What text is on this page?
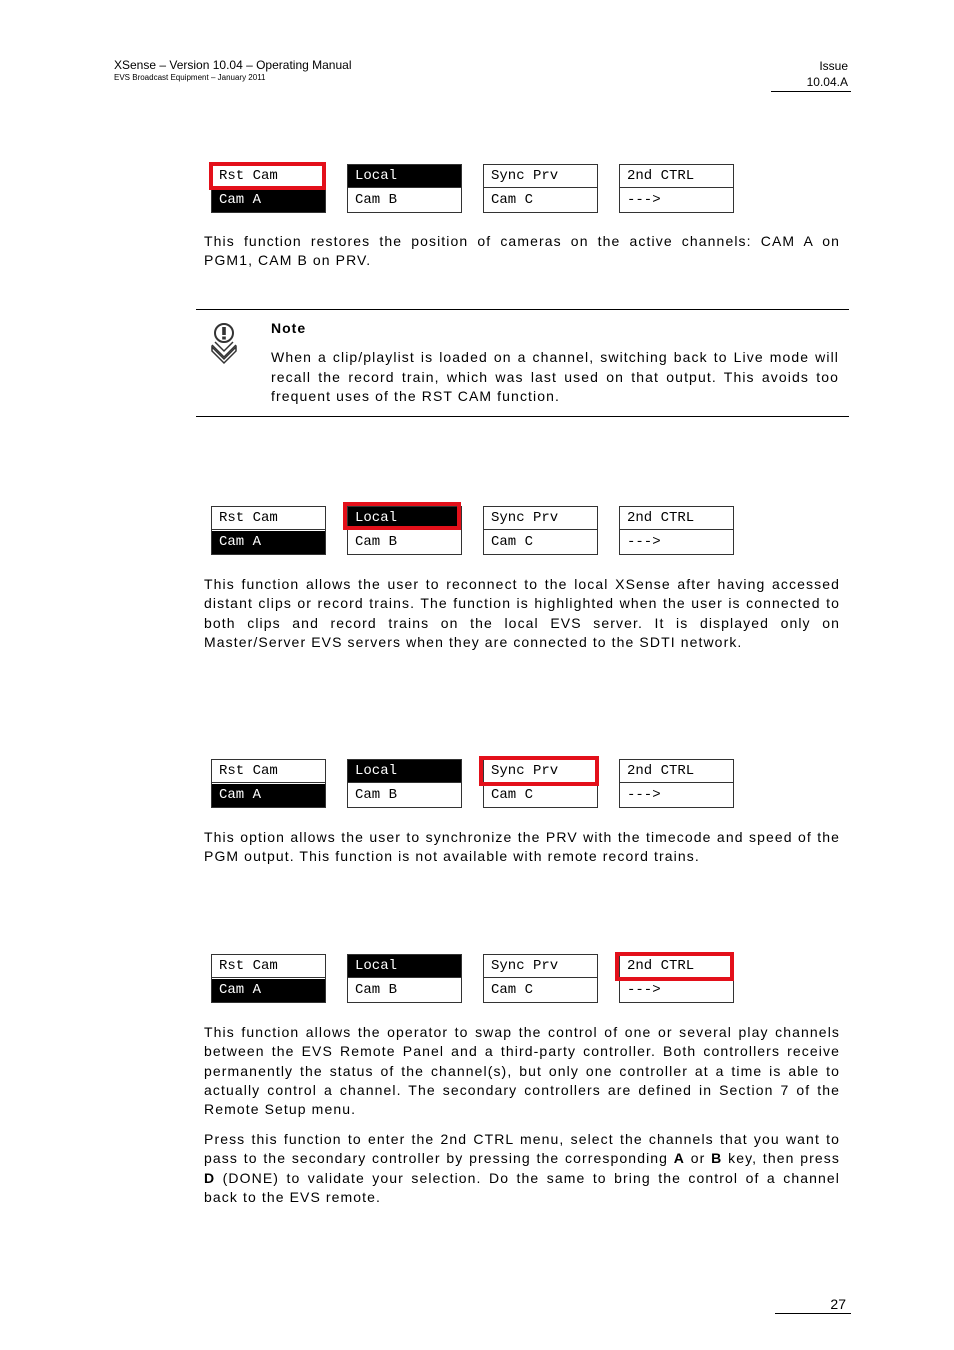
XSense – Version 10.04 – Operating Manual
EVS Broadcast Equipment – January 2011
Issue
10.04.A
Rst Cam
Cam A
Local
Cam B
Sync Prv
Cam C
2nd CTRL
--->
This function restores the position of cameras on the active channels: CAM A on PGM1, CAM B on PRV.
Note
When a clip/playlist is loaded on a channel, switching back to Live mode will recall the record train, which was last used on that output. This avoids too frequent uses of the RST CAM function.
Rst Cam
Cam A
Local
Cam B
Sync Prv
Cam C
2nd CTRL
--->
This function allows the user to reconnect to the local XSense after having accessed distant clips or record trains. The function is highlighted when the user is connected to both clips and record trains on the local EVS server. It is displayed only on Master/Server EVS servers when they are connected to the SDTI network.
Rst Cam
Cam A
Local
Cam B
Sync Prv
Cam C
2nd CTRL
--->
This option allows the user to synchronize the PRV with the timecode and speed of the PGM output. This function is not available with remote record trains.
Rst Cam
Cam A
Local
Cam B
Sync Prv
Cam C
2nd CTRL
--->
This function allows the operator to swap the control of one or several play channels between the EVS Remote Panel and a third-party controller. Both controllers receive permanently the status of the channel(s), but only one controller at a time is able to actually control a channel. The secondary controllers are defined in Section 7 of the Remote Setup menu.
Press this function to enter the 2nd CTRL menu, select the channels that you want to pass to the secondary controller by pressing the corresponding A or B key, then press D (DONE) to validate your selection. Do the same to bring the control of a channel back to the EVS remote.
27
